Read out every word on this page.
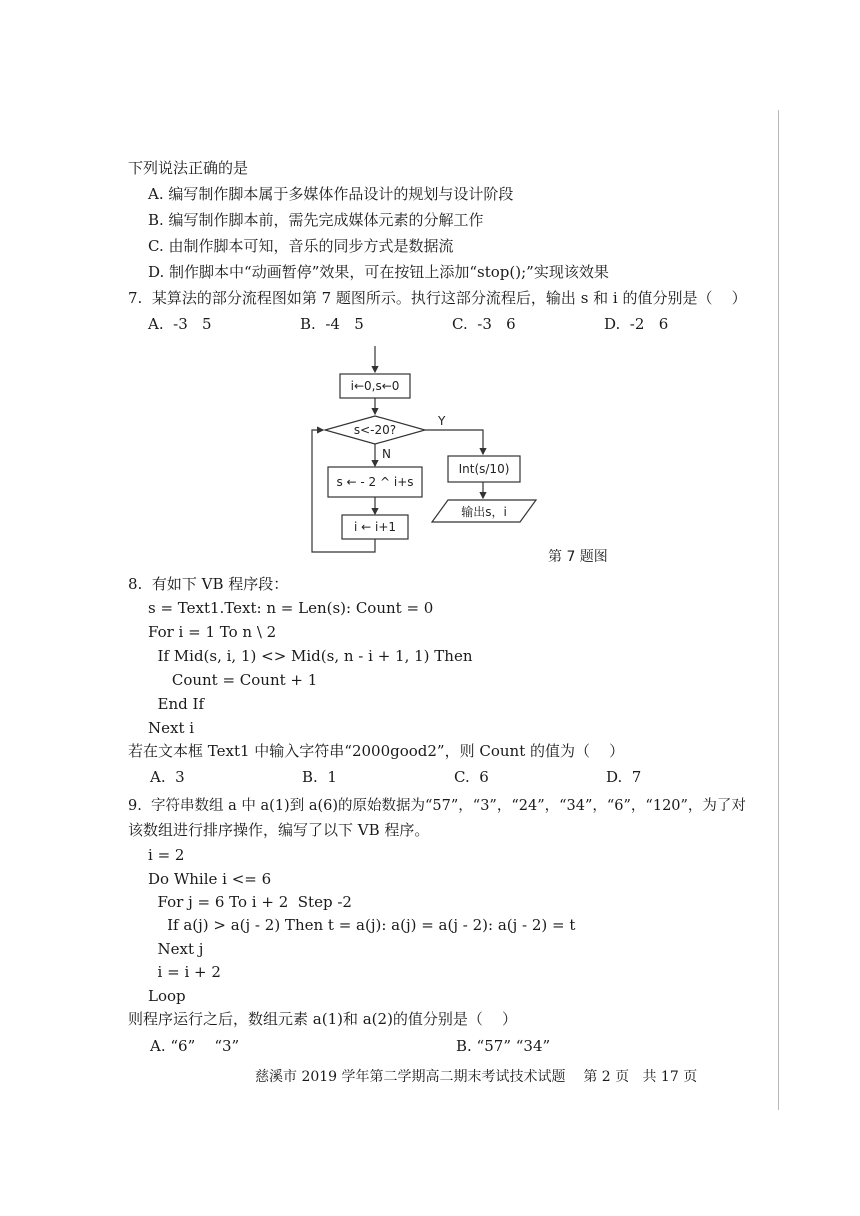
下列说法正确的是
A. 编写制作脚本属于多媒体作品设计的规划与设计阶段
B. 编写制作脚本前，需先完成媒体元素的分解工作
C. 由制作脚本可知，音乐的同步方式是数据流
D. 制作脚本中“动画暂停”效果，可在按钮上添加“stop();”实现该效果
7.  某算法的部分流程图如第 7 题图所示。执行这部分流程后，输出 s 和 i 的值分别是（    ）
A.  -3   5	B.  -4   5	C.  -3   6	D.  -2   6
i←0,s←0
s<-20?
Y
N
s ← - 2 ^ i+s
i ← i+1
Int(s/10)
输出s，i
第 7 题图
8.  有如下 VB 程序段：
s = Text1.Text: n = Len(s): Count = 0
For i = 1 To n \ 2
If Mid(s, i, 1) <> Mid(s, n - i + 1, 1) Then
Count = Count + 1
End If
Next i
若在文本框 Text1 中输入字符串“2000good2”，则 Count 的值为（    ）
A.  3	B.  1	C.  6	D.  7
9.  字符串数组 a 中 a(1)到 a(6)的原始数据为“57”，“3”，“24”，“34”，“6”，“120”，为了对
该数组进行排序操作，编写了以下 VB 程序。
i = 2
Do While i <= 6
For j = 6 To i + 2  Step -2
If a(j) > a(j - 2) Then t = a(j): a(j) = a(j - 2): a(j - 2) = t
Next j
i = i + 2
Loop
则程序运行之后，数组元素 a(1)和 a(2)的值分别是（    ）
A. “6”    “3”	B. “57” “34”
慈溪市 2019 学年第二学期高二期末考试技术试题    第 2 页   共 17 页
